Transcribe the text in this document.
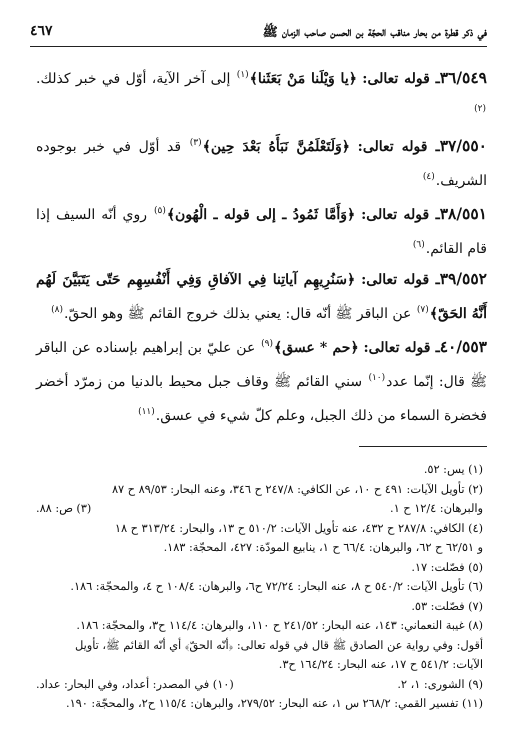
في ذكر قطرة من بحار مناقب الحجّة بن الحسن صاحب الزمان ﷺ
٤٦٧

٣٦/٥٤٩ـ قوله تعالى: ﴿يا وَيْلَنا مَنْ بَعَثَنا﴾$^{(١)}$ إلى آخر الآية، أوّل في خبر كذلك.$^{(٢)}$

٣٧/٥٥٠ـ قوله تعالى: ﴿وَلَتَعْلَمُنَّ نَبَأَهُ بَعْدَ حِين﴾$^{(٣)}$ قد أوّل في خبر بوجوده الشريف.$^{(٤)}$

٣٨/٥٥١ـ قوله تعالى: ﴿وَأَمَّا ثَمُودُ ـ إلى قوله ـ الْهُون﴾$^{(٥)}$ روي أنّه السيف إذا قام القائم.$^{(٦)}$

٣٩/٥٥٢ـ قوله تعالى: ﴿سَنُرِيهِم آياتِنا فِي الآفاقِ وَفِي أَنْفُسِهِم حَتّى يَتَبَيَّنَ لَهُم أَنَّهُ الحَقّ﴾$^{(٧)}$ عن الباقر ﷺ أنّه قال: يعني بذلك خروج القائم ﷺ وهو الحقّ.$^{(٨)}$

٤٠/٥٥٣ـ قوله تعالى: ﴿حم * عسق﴾$^{(٩)}$ عن عليّ بن إبراهيم بإسناده عن الباقر ﷺ قال: إنّما عدد$^{(١٠)}$ سني القائم ﷺ وقاف جبل محيط بالدنيا من زمرّد أخضر فخضرة السماء من ذلك الجبل، وعلم كلّ شيء في عسق.$^{(١١)}$

(١) يس: ٥٢.

(٢) تأويل الآيات: ٤٩١ ح ١٠، عن الكافي: ٢٤٧/٨ ح ٣٤٦، وعنه البحار: ٨٩/٥٣ ح ٨٧

والبرهان: ١٢/٤ ح ١.

(٣) ص: ٨٨.

(٤) الكافي: ٢٨٧/٨ ح ٤٣٢، عنه تأويل الآيات: ٥١٠/٢ ح ١٣، والبحار: ٣١٣/٢٤ ح ١٨

و ٦٢/٥١ ح ٦٢، والبرهان: ٦٦/٤ ح ١، ينابيع المودّة: ٤٢٧، المحجّة: ١٨٣.

(٥) فصّلت: ١٧.

(٦) تأويل الآيات: ٥٤٠/٢ ح ٨، عنه البحار: ٧٢/٢٤ ح٦، والبرهان: ١٠٨/٤ ح ٤، والمحجّة: ١٨٦.

(٧) فصّلت: ٥٣.

(٨) غيبة النعماني: ١٤٣، عنه البحار: ٢٤١/٥٢ ح ١١٠، والبرهان: ١١٤/٤ ح٣، والمحجّة: ١٨٦.

أقول: وفي رواية عن الصادق ﷺ قال في قوله تعالى: ﴿أنّه الحقّ﴾ أي أنّه القائم ﷺ، تأويل

الآيات: ٥٤١/٢ ح ١٧، عنه البحار: ١٦٤/٢٤ ح٣.

(٩) الشورى: ١، ٢.

(١٠) في المصدر: أعداد، وفي البحار: عداد.

(١١) تفسير القمي: ٢٦٨/٢ س ١، عنه البحار: ٢٧٩/٥٢، والبرهان: ١١٥/٤ ح٢، والمحجّة: ١٩٠.
